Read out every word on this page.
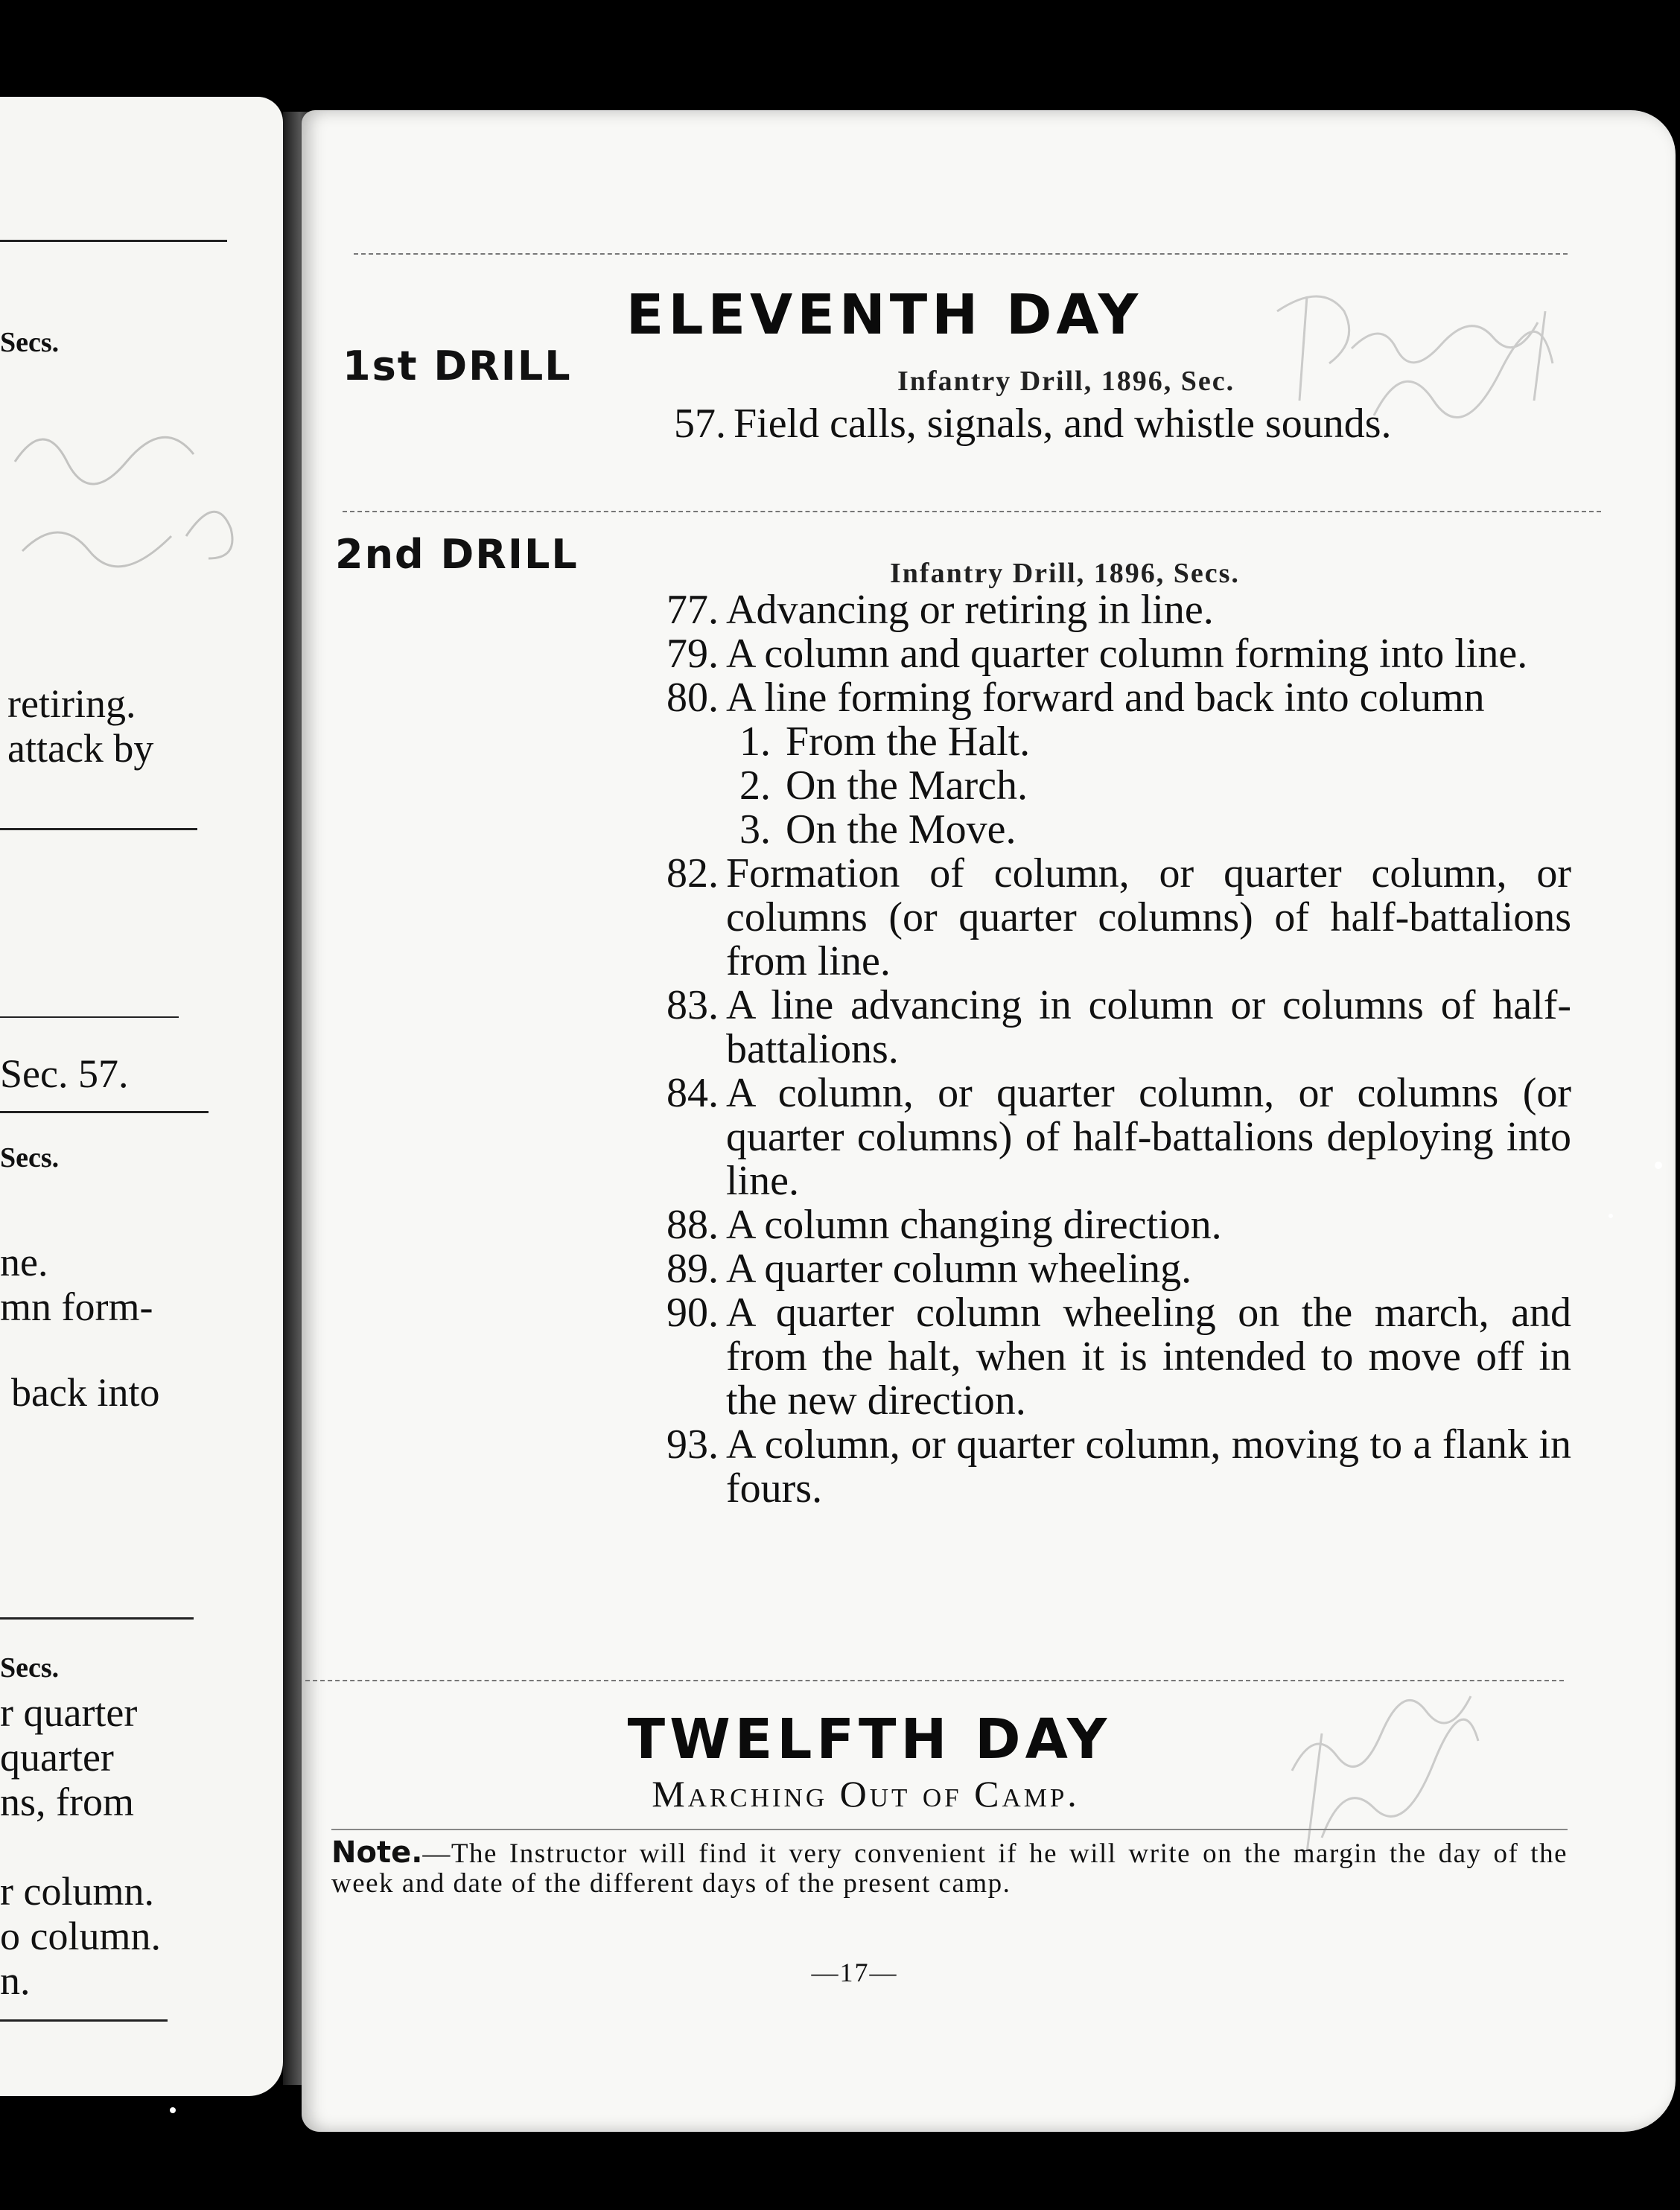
Secs.
retiring.
attack by
Sec. 57.
Secs.
ne.
mn form-
back into
Secs.
r quarter
quarter
ns, from
r column.
o column.
n.
ELEVENTH DAY
1st DRILL	Infantry Drill, 1896, Sec.
57. Field calls, signals, and whistle sounds.
2nd DRILL	Infantry Drill, 1896, Secs.
77. Advancing or retiring in line.
79. A column and quarter column forming into line.
80. A line forming forward and back into column
1. From the Halt.
2. On the March.
3. On the Move.
82. Formation of column, or quarter column, or columns (or quarter columns) of half-battalions from line.
83. A line advancing in column or columns of half-battalions.
84. A column, or quarter column, or columns (or quarter columns) of half-battalions deploying into line.
88. A column changing direction.
89. A quarter column wheeling.
90. A quarter column wheeling on the march, and from the halt, when it is intended to move off in the new direction.
93. A column, or quarter column, moving to a flank in fours.
TWELFTH DAY
Marching Out of Camp.
Note.—The Instructor will find it very convenient if he will write on the margin the day of the week and date of the different days of the present camp.
—17—
